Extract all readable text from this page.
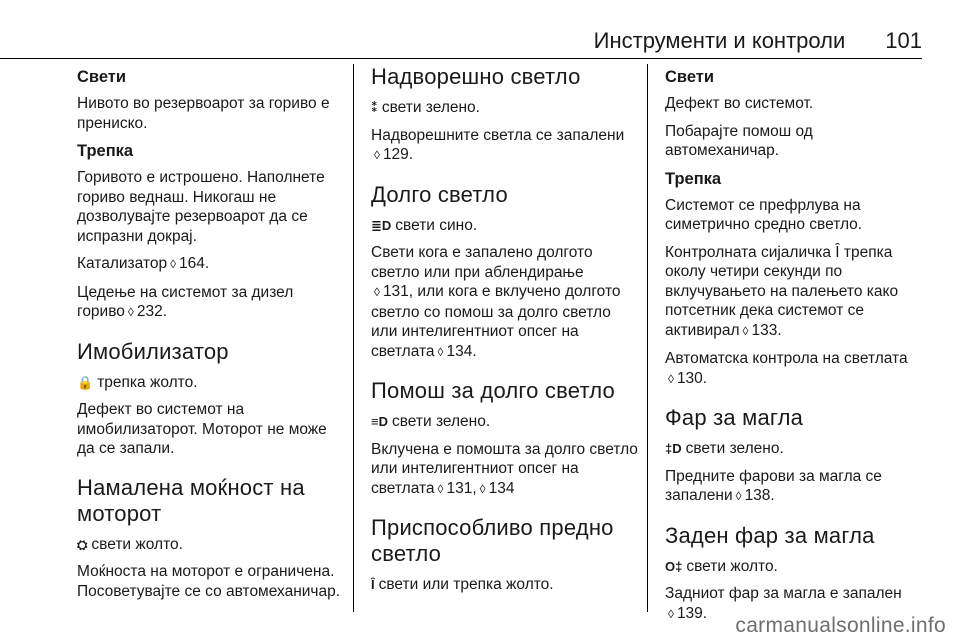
Инструменти и контроли 101
Свети

Нивото во резервоарот за гориво е прениско.

Трепка

Горивото е истрошено. Наполнете гориво веднаш. Никогаш не дозволувајте резервоарот да се испразни докрај.

Катализатор ◊ 164.

Цедење на системот за дизел гориво ◊ 232.

Имобилизатор

🔒 трепка жолто.

Дефект во системот на имобилизаторот. Моторот не може да се запали.

Намалена моќност на моторот

⛭ свети жолто.

Моќноста на моторот е ограничена. Посоветувајте се со автомеханичар.

Надворешно светло

⁑ свети зелено.

Надворешните светла се запалени
◊ 129.

Долго светло

≣D свети сино.

Свети кога е запалено долгото светло или при аблендирање
◊ 131, или кога е вклучено долгото светло со помош за долго светло или интелигентниот опсег на светлата ◊ 134.

Помош за долго светло

≡D свети зелено.

Вклучена е помошта за долго светло или интелигентниот опсег на светлата ◊ 131, ◊ 134

Приспособливо предно светло

Ȋ свети или трепка жолто.

Свети

Дефект во системот.

Побарајте помош од автомеханичар.

Трепка

Системот се префрлува на симетрично средно светло.

Контролната сијаличка Ȋ трепка околу четири секунди по вклучувањето на палењето како потсетник дека системот се активирал ◊ 133.

Автоматска контрола на светлата
◊ 130.

Фар за магла

‡D свети зелено.

Предните фарови за магла се запалени ◊ 138.

Заден фар за магла

O‡ свети жолто.

Задниот фар за магла е запален
◊ 139.

carmanualsonline.info
